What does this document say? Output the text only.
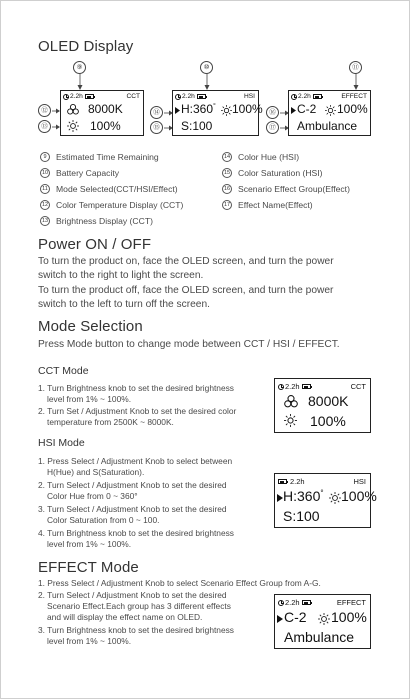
OLED Display
⑨	⑩	⑪
⑫
⑬
2.2h	CCT
8000K
100%
⑭
⑮
2.2h	HSI
H:360° 100%
S:100
⑯
⑰
2.2h	EFFECT
C-2 100%
Ambulance
9	Estimated Time Remaining
10 Battery Capacity
11 Mode Selected(CCT/HSI/Effect)
12 Color Temperature Display (CCT)
13 Brightness Display (CCT)
14 Color Hue (HSI)
15 Color Saturation (HSI)
16 Scenario Effect Group(Effect)
17 Effect Name(Effect)
Power ON / OFF
To turn the product on, face the OLED screen, and turn the power
switch to the right to light the screen.
To turn the product off, face the OLED screen, and turn the power
switch to the left to turn off the screen.
Mode Selection
Press Mode button to change mode between CCT / HSI / EFFECT.
CCT Mode
1. Turn Brightness knob to set the desired brightness
level from 1% ~ 100%.
2. Turn Set / Adjustment Knob to set the desired color
temperature from 2500K ~ 8000K.
2.2h	CCT
8000K
100%
HSI Mode
1. Press Select / Adjustment Knob to select between
H(Hue) and S(Saturation).
2. Turn Select / Adjustment Knob to set the desired
Color Hue from 0 ~ 360°
3. Turn Select / Adjustment Knob to set the desired
Color Saturation from 0 ~ 100.
4. Turn Brightness knob to set the desired brightness
level from 1% ~ 100%.
2.2h	HSI
H:360° 100%
S:100
EFFECT Mode
1. Press Select / Adjustment Knob to select Scenario Effect Group from A-G.
2. Turn Select / Adjustment Knob to set the desired
Scenario Effect.Each group has 3 different effects
and will display the effect name on OLED.
3. Turn Brightness knob to set the desired brightness
level from 1% ~ 100%.
2.2h	EFFECT
C-2 100%
Ambulance
